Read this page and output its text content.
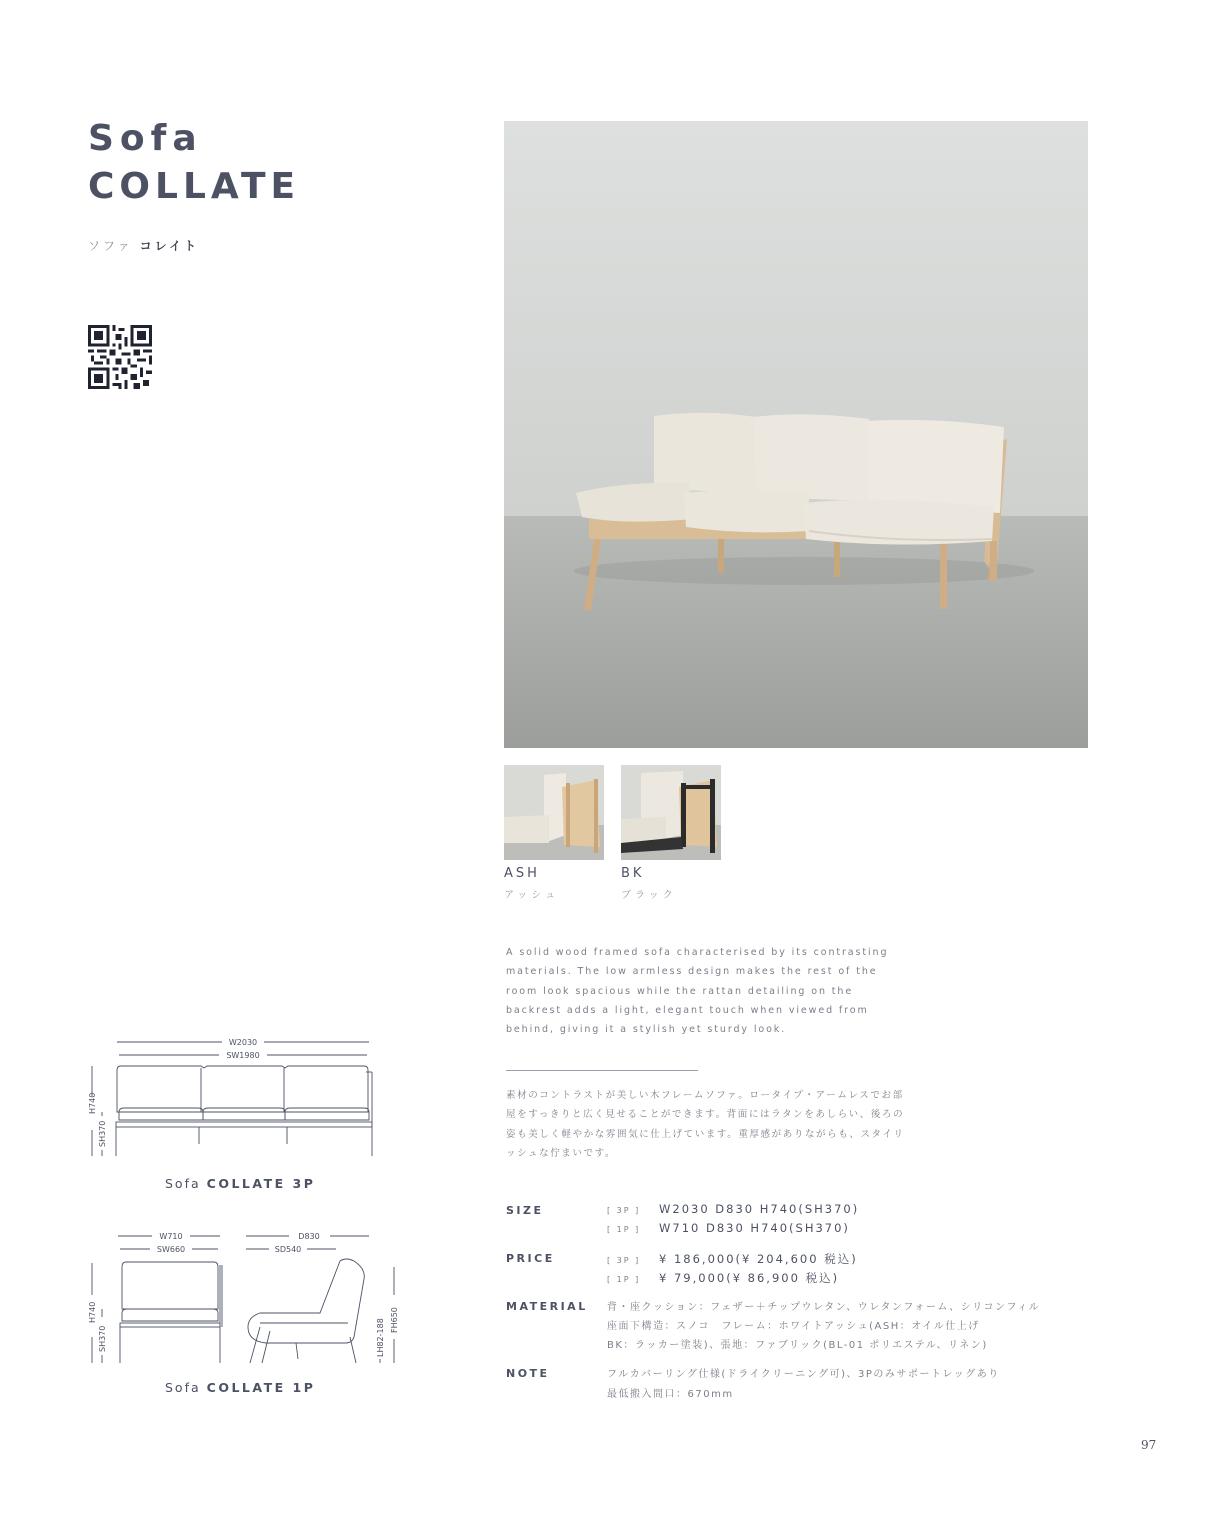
Sofa
COLLATE
ソファ コレイト
ASH
アッシュ
BK
ブラック
A solid wood framed sofa characterised by its contrasting materials. The low armless design makes the rest of the room look spacious while the rattan detailing on the backrest adds a light, elegant touch when viewed from behind, giving it a stylish yet sturdy look.
素材のコントラストが美しい木フレームソファ。ロータイプ・アームレスでお部屋をすっきりと広く見せることができます。背面にはラタンをあしらい、後ろの姿も美しく軽やかな雰囲気に仕上げています。重厚感がありながらも、スタイリッシュな佇まいです。
SIZE	[ 3P ] W2030 D830 H740(SH370)
[ 1P ] W710 D830 H740(SH370)
PRICE	[ 3P ] ¥ 186,000(¥ 204,600 税込)
[ 1P ] ¥ 79,000(¥ 86,900 税込)
MATERIAL 背・座クッション：フェザー＋チップウレタン、ウレタンフォーム、シリコンフィル
座面下構造：スノコ　フレーム：ホワイトアッシュ(ASH：オイル仕上げ
BK：ラッカー塗装)、張地：ファブリック(BL-01 ポリエステル、リネン)
NOTE	フルカバーリング仕様(ドライクリーニング可)、3Pのみサポートレッグあり
最低搬入間口：670mm
W2030
SW1980
H740
SH370
Sofa COLLATE 3P
W710
SW660
D830
SD540
H740
SH370	LH82-188 FH650
Sofa COLLATE 1P
97
